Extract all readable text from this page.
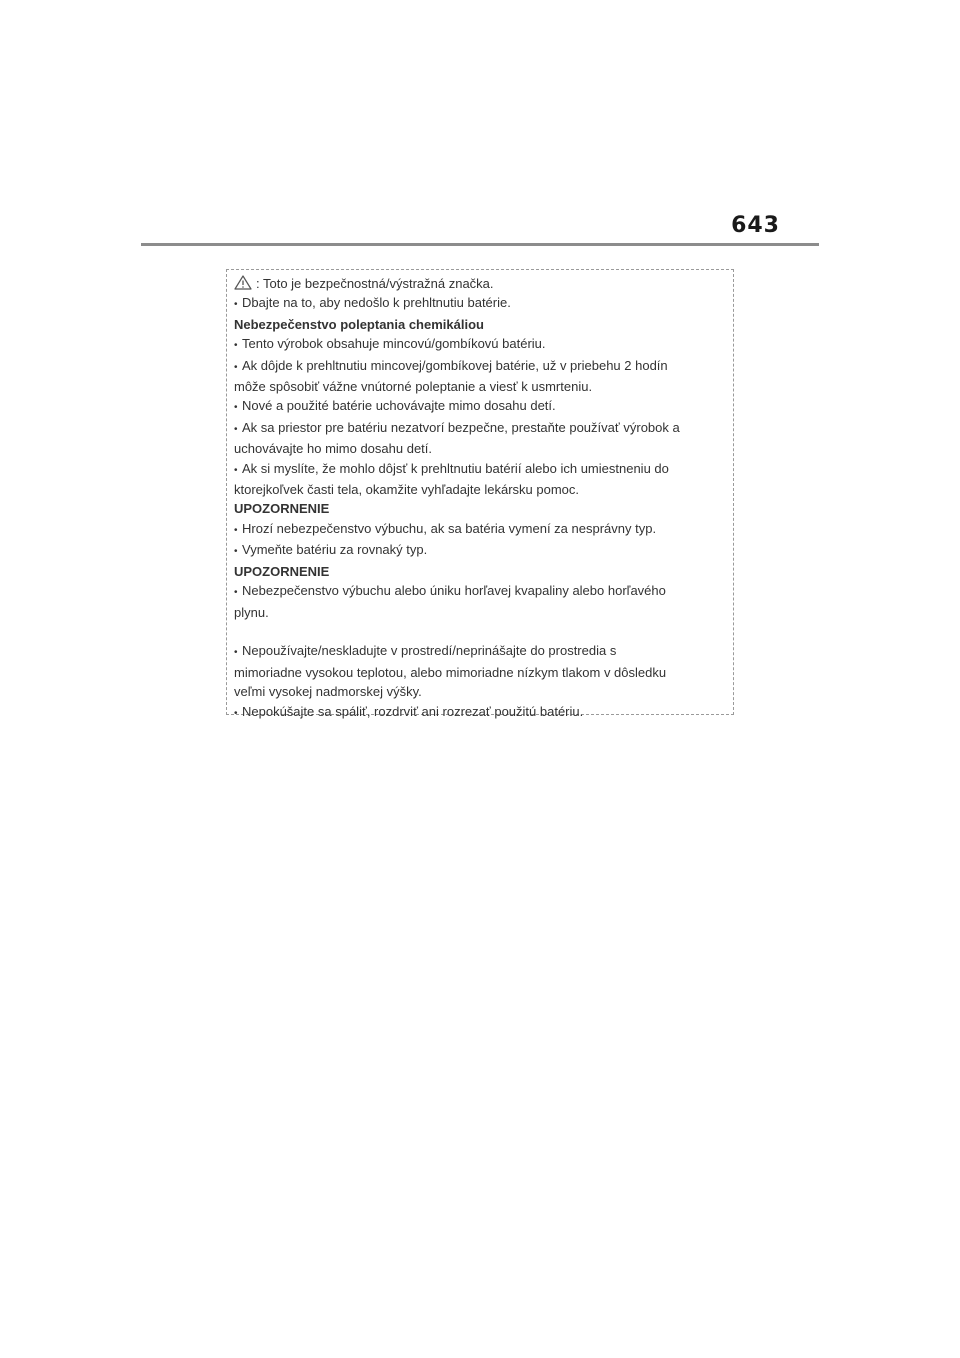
643

: Toto je bezpečnostná/výstražná značka.

• Dbajte na to, aby nedošlo k prehltnutiu batérie.

Nebezpečenstvo poleptania chemikáliou

• Tento výrobok obsahuje mincovú/gombíkovú batériu.

• Ak dôjde k prehltnutiu mincovej/gombíkovej batérie, už v priebehu 2 hodín

môže spôsobiť vážne vnútorné poleptanie a viesť k usmrteniu.

• Nové a použité batérie uchovávajte mimo dosahu detí.

• Ak sa priestor pre batériu nezatvorí bezpečne, prestaňte používať výrobok a

uchovávajte ho mimo dosahu detí.

• Ak si myslíte, že mohlo dôjsť k prehltnutiu batérií alebo ich umiestneniu do

ktorejkoľvek časti tela, okamžite vyhľadajte lekársku pomoc.

UPOZORNENIE

• Hrozí nebezpečenstvo výbuchu, ak sa batéria vymení za nesprávny typ.

• Vymeňte batériu za rovnaký typ.

UPOZORNENIE

• Nebezpečenstvo výbuchu alebo úniku horľavej kvapaliny alebo horľavého

plynu.

• Nepoužívajte/neskladujte v prostredí/neprinášajte do prostredia s

mimoriadne vysokou teplotou, alebo mimoriadne nízkym tlakom v dôsledku

veľmi vysokej nadmorskej výšky.

• Nepokúšajte sa spáliť, rozdrviť ani rozrezať použitú batériu.
